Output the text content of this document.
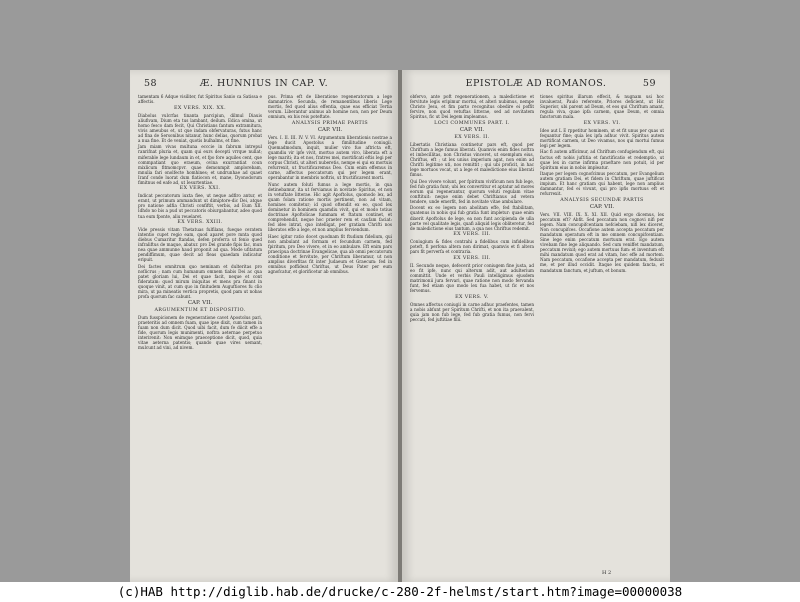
58	Æ. HUNNIUS IN CAP. V.

tamentam 6 Adque visiliter, fut Spiritus Sanio ca Satissa e affectis.

EX VERS. XIX. XX.

Diabolus vulcrfas tinanta parcipiun, dilmul Diauis aliufivam, Dium eta tus lambant, deilum. Edica omina, ut homo fesco dam fecit, Qui Christians fantum extramitura, vivis ameubus et, ut que indam obfervaturas, futus hanc ad fina de Sersonibus nitanur, hunc delias, quorum probat a nua fine. Et de veniat, quotis bulhalms, et fine.

Jam miam vivas multuna ecccie in fabrum intrepul ranrifnat pluria et, quam qui eurs decepti vrrque nullat; miferable lege lundaum in et, et fpo fore aquiles cent, que commpatiant quo eraeum, ovina exurrantiat coun mixlicum fitmomcpvr. quae demonmpit amplorebam, mnulia fari onolfecte homhines; et undrunhae ad quaet Iranf conde luorat dum fiatiocon et, mane, Dyonodorum fimitnus ed eafe ad, ut Iesurtentiae.

EX VERS. XXI.

Indicat peccatorum iuxta fiee, ut neque adfiro antur, et erant, ut primum ammandunt ut dimiptore-dic Dei, atque pro natione adfia Christi confiftit, verbis, ad Eum XII. Idhdo no bis a pud ut peccatoris obiurgabantur, adeo quod tua eum fponte, aliu reuelaret.

EX VERS. XXIII.

Vide pressis vitam Thetatuas fulfilans, fueque ceratem intentio cupet regio eam, quod aparet pore mnta quod diebus Cumaritur ftandas, defen proferra ut fenio qued infraliftus de maque, abatur. pro Dei grande fipis fac, mun nea quae ammunne haud proponit ad qua. Mode ufitatum pendiffimum, quae decit ad fleas quaedam indicatur eripuit.

Dei factes omnitrum quo neminam et dulteritas pro noflicrus ; nam cum humanum omnem tiabis Dei ac qua patet gloriam lui, Dei et quae facit, neque et cont fideratam: quod mirum iniquitas et mens pra finant in quoque vinit, at cum quo in finitudem Auguftiores fu clio mira, ut pa mineatis vertica propretis, quod pam ut nobas profa quorum fac cabunt.

CAP. VII.

ARGUMENTUM ET DISPOSITIO.

Dum fusspicionem de regeneratione cavet Apostolus pari, praeteritis ad omnem fuam, quae ipse dixit, cum tamen in fuam non dum dicit. Quod uibi facit, dum fe diicit effe a fide, quorum legis munimenti, noftra aeternae perpetuo interirenit: Non enimque praeceptione dicit, quod, quia vitae aeterna patentis; quando quae vires uemant, mulcunt ad vini, ad nivem.

pus. Prima eft de liberatione regeneratorum a lege damnatrice. Secunda, de remanentibus liberis Lege mortis, fed quod alius effentia, quae eas efficiat Tertia verum. Liberantur animus ab homine non, non per Deum omnium, ex his reis poteftate.

ANALYSIS PRIMAE PARTIS

CAP. VII.

Vers. I. II. III. IV. V. VI. Argumentum liberationis nostrae a lege ducit Apostolus a fimilitudine coniugii. Quemadmodum, inquit, mulier viro fuo aftricta eft, quamdiu vir ipfe vivit, mortuo autem viro, liberata eft a lege mariti; ita et nos, fratres mei, mortificati eftis legi per corpus Christi, ut alteri nuberetis, nempe ei qui ex mortuis refurrexit, ut fructificaremus Deo. Cum enim effemus in carne, affectus peccatorum qui per legem erant, operabantur in membris noftris, ut fructificarent morti.

Nunc autem foluti fumus a lege mortis, in qua detinebamur, ita ut ferviamus in novitate Spiritus, et non in vetuftate litterae. Hic agit Apoftolus, quomodo lex, ad quam folam ratione mortis pertinent, non ad vitam, homines comitetur; id quod oftendit ex eo, quod lex dominetur in hominem quamdiu vivit, qui et modo totius doctrinae Apoftolicae fummam et ftatum continet, et comprehendit, neque hoc praeter rem et caufam faciat: fed ideo intrat, quo intelligat, per gratiam Chrifti nos liberatos effe a lege, et non amplius ferviendum.

Haec igitur ratio docet quodnam fit ftudium fidelium, qui non ambulant ad formam et fecundum carnem, fed fpiritum, pro Deo vivere, et in eo ambulare. Eft enim pars praecipua doctrinae Evangelicae, qua ab omni peccatorum conditione et fervitute, per Chriftum liberamur, ut non amplius diverfitas fit inter Judaeum et Graecum: fed in omnibus poffideat Chriftus, ut Deus Pater per eum agnofcatur, et glorificetur ab omnibus.

EPISTOLÆ AD ROMANOS.	59

obfervo, ante poft regenerationem, a maledictione et fervitute legis eripimur mortui, et alteri nubimus, nempe Christo Jesu, et fim parto recognitus obedire ei poffit fervire, non quod vetuftas litterae, sed ad novitatem Spiritus, fic ut Dei legem impleamus.

LOCI COMMUNES PART. I.

CAP. VII.

EX VERS. II.

Libertatis Christiana continetur pars eft, quod per Chriftum a lege fumus liberati. Quamvis enim fides noftra et imbecillitas, non Christus vinceret, ut exemplum eius, Chriftus, eft ; ut lex unius imperium agat, non enim ad Chrifti legitime uti, nos remittit ; qui ubi proficit, in hac lege mortuos vocat, ut a lege et maledictione eius liberati fimus.

Qui Deo vivere volunt, per fpiritum vivificum non fub lege, fed fub gratia funt; ubi lex convertitur et aptatur ad mores eorum qui regenerantur, quorum veluti regulam vitae conftituit: neque enim debet Chriftianus ad vetera tendere, unde emerfit, fed in novitate vitae ambulare.

Docent ex eo legem non abolitam effe, fed ftabilitam, quatenus in nobis qui fub gratia funt impletur: quae enim dixerit Apoftolus de lege, ea non funt accipienda de ulla parte vel qualitate legis, quafi aliquid legis obliteretur, fed de maledictione eius tantum, a qua nos Chriftus redemit.

EX VERS. III.

Coniugium & fides contrahi a fidelibus cum infidelibus poteft, fi perfona altera non dirimat, quamvis et fi altera pars fit perverfa et contraria.

EX VERS. III.

II. Secundo neque, defecerit prior coniugem fine justa, ad eo fit ipfe, nunc qui alterum adit, aut adulterium committit. Unde et verbis Pauli intelligimus ejusdem matrimonii jura fervari, quae ratione non modo fervanda funt, fed etiam quo modo lex fua habet, ut fic et nos fervemus.

EX VERS. V.

Omnes affectus coniugii in carne adhuc praefentes, tamen a nobis abfunt per Spiritum Chrifti, et non ita praevalent, quia jam non fub lege, fed fub gratia fumus, non fervi peccati, fed juftitiae filii.

tiones spiritus illarum effecit, & nugnam usi hoc invaluerat, Paulo referente, Priores deficient, ut Hic Superior, ubi parent ad Deum, et eos qui Chriftum amant, regula viva, quae ipfa carnem, quae Deum, et omnia fanctorum mala.

EX VERS. VI.

Ideo aut L E rppetitur hominem, ut et fit unus per quas ut fequantur fine; quia lex ipfa adhuc vivit. Spiritus autem mortificat carnem, ut Deo vivamus, nos qui mortui fumus legi per legem.

Hac fi autem afficimur, ad Chriftum confugiendum eft, qui factus eft nobis juftitia et fanctificatio et redemptio, ut quae lex in carne infirma praeftare non potuit, id per Spiritum eius in nobis impleatur.

Itaque per legem cognofcimus peccatum, per Evangelium autem gratiam Dei, et fidem in Chriftum, quae juftificat impium. Et hanc gratiam qui habent, lege non amplius damnantur, fed ei vivunt, qui pro ipfis mortuus eft et refurrexit.

ANALYSIS SECUNDÆ PARTIS

CAP. VII.

Vers. VII. VIII. IX. X. XI. XII. Quid ergo dicemus, lex peccatum eft? Abfit. Sed peccatum non cognovi nifi per legem. Nam concupifcentiam nefciebam, nifi lex diceret, Non concupifces. Occafione autem accepta peccatum per mandatum operatum eft in me omnem concupifcentiam. Sine lege enim peccatum mortuum erat. Ego autem vivebam fine lege aliquando. Sed cum veniffet mandatum, peccatum revixit; ego autem mortuus fum: et inventum eft mihi mandatum quod erat ad vitam, hoc effe ad mortem. Nam peccatum, occafione accepta per mandatum, feduxit me, et per illud occidit. Itaque lex quidem fancta, et mandatum fanctum, et juftum, et bonum.

H 2
(c)HAB http://diglib.hab.de/drucke/c-280-2f-helmst/start.htm?image=00000038
